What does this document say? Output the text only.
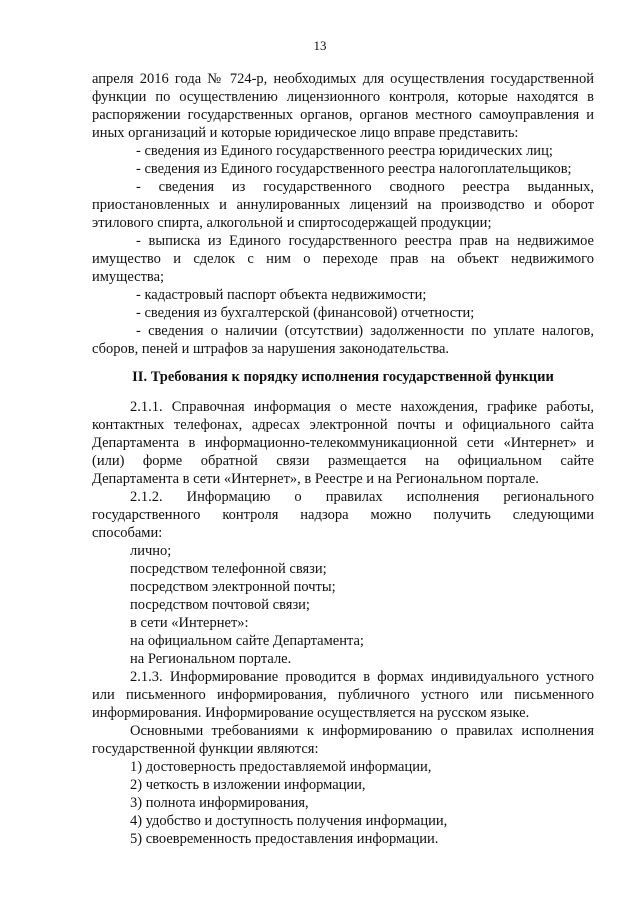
13
апреля 2016 года № 724-р, необходимых для осуществления государственной
функции по осуществлению лицензионного контроля, которые находятся в
распоряжении государственных органов, органов местного самоуправления и
иных организаций и которые юридическое лицо вправе представить:
- сведения из Единого государственного реестра юридических лиц;
- сведения из Единого государственного реестра налогоплательщиков;
- сведения из государственного сводного реестра выданных,
приостановленных и аннулированных лицензий на производство и оборот
этилового спирта, алкогольной и спиртосодержащей продукции;
- выписка из Единого государственного реестра прав на недвижимое
имущество и сделок с ним о переходе прав на объект недвижимого
имущества;
- кадастровый паспорт объекта недвижимости;
- сведения из бухгалтерской (финансовой) отчетности;
- сведения о наличии (отсутствии) задолженности по уплате налогов,
сборов, пеней и штрафов за нарушения законодательства.
II. Требования к порядку исполнения государственной функции
2.1.1. Справочная информация о месте нахождения, графике работы,
контактных телефонах, адресах электронной почты и официального сайта
Департамента в информационно-телекоммуникационной сети «Интернет» и
(или) форме обратной связи размещается на официальном сайте
Департамента в сети «Интернет», в Реестре и на Региональном портале.
2.1.2. Информацию о правилах исполнения регионального
государственного контроля надзора можно получить следующими
способами:
лично;
посредством телефонной связи;
посредством электронной почты;
посредством почтовой связи;
в сети «Интернет»:
на официальном сайте Департамента;
на Региональном портале.
2.1.3. Информирование проводится в формах индивидуального устного
или письменного информирования, публичного устного или письменного
информирования. Информирование осуществляется на русском языке.
Основными требованиями к информированию о правилах исполнения
государственной функции являются:
1) достоверность предоставляемой информации,
2) четкость в изложении информации,
3) полнота информирования,
4) удобство и доступность получения информации,
5) своевременность предоставления информации.
